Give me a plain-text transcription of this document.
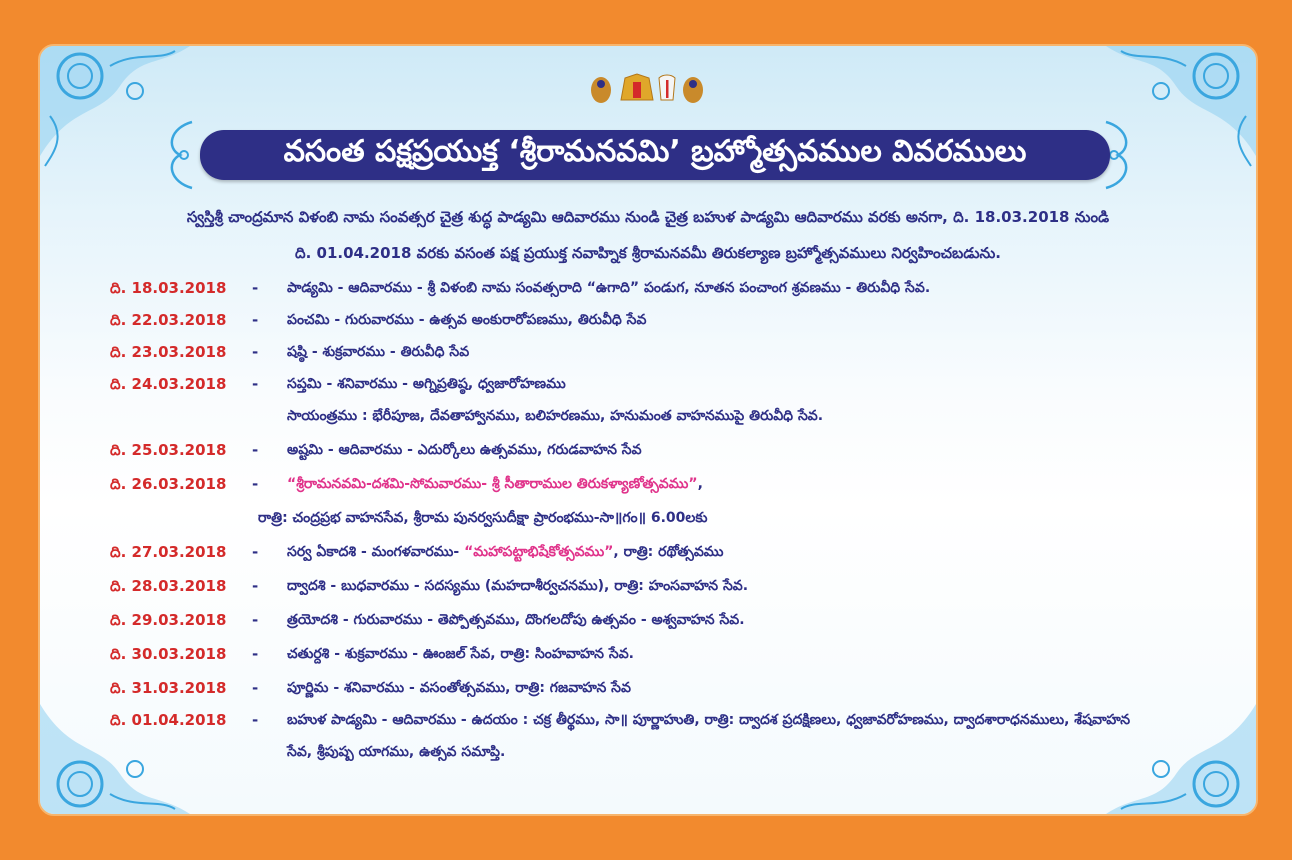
వసంత పక్షప్రయుక్త ‘శ్రీరామనవమి’ బ్రహ్మోత్సవముల వివరములు
స్వస్తిశ్రీ చాంద్రమాన విళంబి నామ సంవత్సర చైత్ర శుద్ధ పాడ్యమి ఆదివారము నుండి చైత్ర బహుళ పాడ్యమి ఆదివారము వరకు అనగా, ది. 18.03.2018 నుండి
ది. 01.04.2018 వరకు వసంత పక్ష ప్రయుక్త నవాహ్నిక శ్రీరామనవమీ తిరుకల్యాణ బ్రహ్మోత్సవములు నిర్వహించబడును.
ది. 18.03.2018	-	పాడ్యమి - ఆదివారము - శ్రీ విళంబి నామ సంవత్సరాది “ఉగాది” పండుగ, నూతన పంచాంగ శ్రవణము - తిరువీధి సేవ.
ది. 22.03.2018	-	పంచమి - గురువారము - ఉత్సవ అంకురారోపణము, తిరువీధి సేవ
ది. 23.03.2018	-	షష్ఠి - శుక్రవారము - తిరువీధి సేవ
ది. 24.03.2018	-	సప్తమి - శనివారము - అగ్నిప్రతిష్ఠ, ధ్వజారోహణము
సాయంత్రము : భేరీపూజ, దేవతాహ్వానము, బలిహరణము, హనుమంత వాహనముపై తిరువీధి సేవ.
ది. 25.03.2018	-	అష్టమి - ఆదివారము - ఎదుర్కోలు ఉత్సవము, గరుడవాహన సేవ
ది. 26.03.2018	-	“శ్రీరామనవమి-దశమి-సోమవారము- శ్రీ సీతారాముల తిరుకళ్యాణోత్సవము”,
రాత్రి: చంద్రప్రభ వాహనసేవ, శ్రీరామ పునర్వసుదీక్షా ప్రారంభము-సా॥గం॥ 6.00లకు
ది. 27.03.2018	-	సర్వ ఏకాదశి - మంగళవారము- “మహాపట్టాభిషేకోత్సవము”, రాత్రి: రథోత్సవము
ది. 28.03.2018	-	ద్వాదశి - బుధవారము - సదస్యము (మహదాశీర్వచనము), రాత్రి: హంసవాహన సేవ.
ది. 29.03.2018	-	త్రయోదశి - గురువారము - తెప్పోత్సవము, దొంగలదోపు ఉత్సవం - అశ్వవాహన సేవ.
ది. 30.03.2018	-	చతుర్దశి - శుక్రవారము - ఊంజల్ సేవ, రాత్రి: సింహవాహన సేవ.
ది. 31.03.2018	-	పూర్ణిమ - శనివారము - వసంతోత్సవము, రాత్రి: గజవాహన సేవ
ది. 01.04.2018	-	బహుళ పాడ్యమి - ఆదివారము - ఉదయం : చక్ర తీర్థము, సా॥ పూర్ణాహుతి, రాత్రి: ద్వాదశ ప్రదక్షిణలు, ధ్వజావరోహణము, ద్వాదశారాధనములు, శేషవాహన
సేవ, శ్రీపుష్ప యాగము, ఉత్సవ సమాప్తి.
